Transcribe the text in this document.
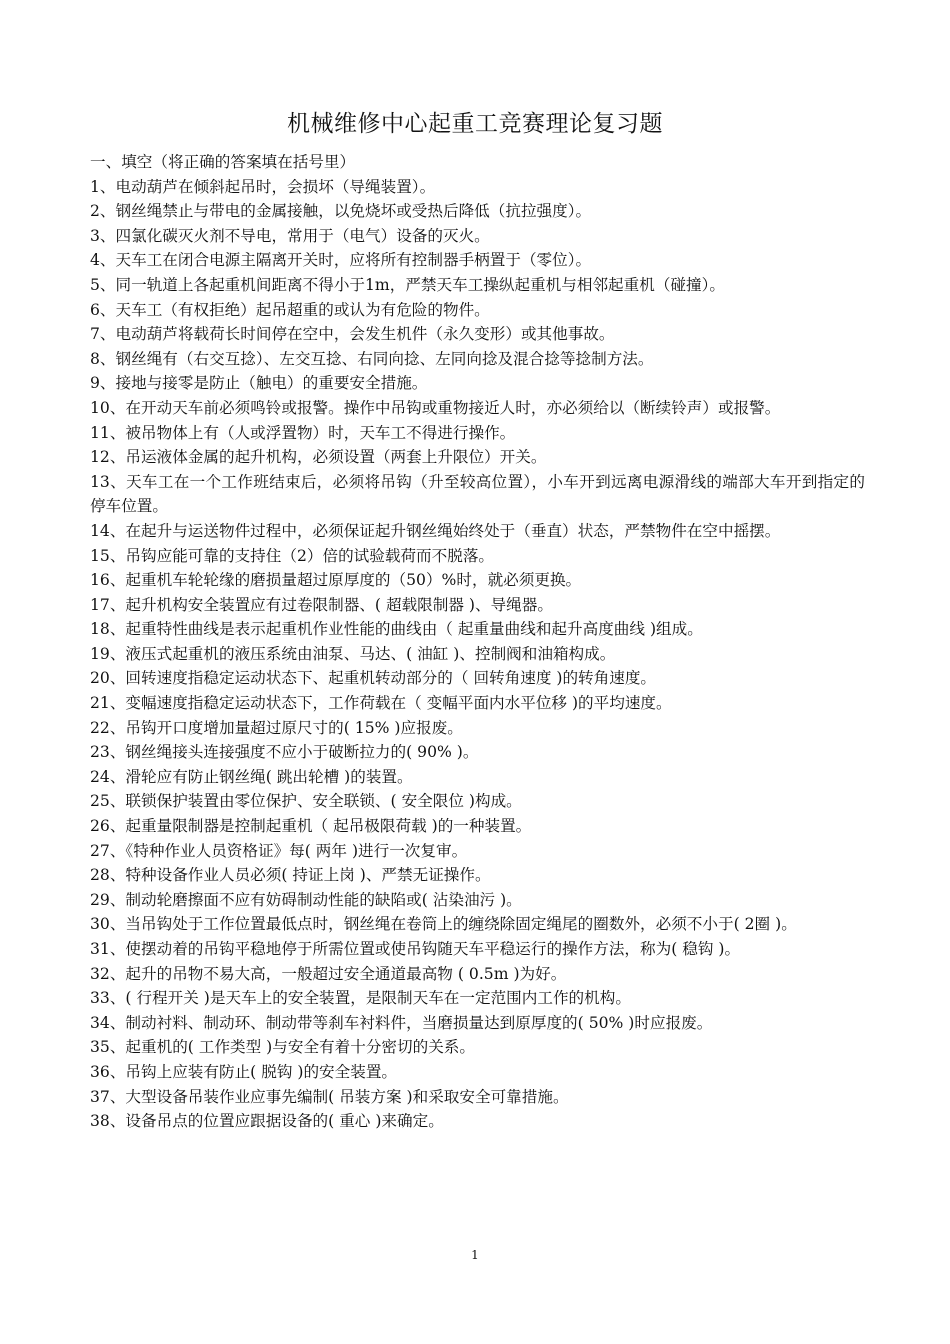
机械维修中心起重工竞赛理论复习题

一、填空（将正确的答案填在括号里）

1、电动葫芦在倾斜起吊时，会损坏（导绳装置）。

2、钢丝绳禁止与带电的金属接触，以免烧坏或受热后降低（抗拉强度）。

3、四氯化碳灭火剂不导电，常用于（电气）设备的灭火。

4、天车工在闭合电源主隔离开关时，应将所有控制器手柄置于（零位）。

5、同一轨道上各起重机间距离不得小于1m，严禁天车工操纵起重机与相邻起重机（碰撞）。

6、天车工（有权拒绝）起吊超重的或认为有危险的物件。

7、电动葫芦将载荷长时间停在空中，会发生机件（永久变形）或其他事故。

8、钢丝绳有（右交互捻）、左交互捻、右同向捻、左同向捻及混合捻等捻制方法。

9、接地与接零是防止（触电）的重要安全措施。

10、在开动天车前必须鸣铃或报警。操作中吊钩或重物接近人时，亦必须给以（断续铃声）或报警。

11、被吊物体上有（人或浮置物）时，天车工不得进行操作。

12、吊运液体金属的起升机构，必须设置（两套上升限位）开关。

13、天车工在一个工作班结束后，必须将吊钩（升至较高位置），小车开到远离电源滑线的端部大车开到指定的停车位置。

14、在起升与运送物件过程中，必须保证起升钢丝绳始终处于（垂直）状态，严禁物件在空中摇摆。

15、吊钩应能可靠的支持住（2）倍的试验载荷而不脱落。

16、起重机车轮轮缘的磨损量超过原厚度的（50）%时，就必须更换。

17、起升机构安全装置应有过卷限制器、( 超载限制器 )、导绳器。

18、起重特性曲线是表示起重机作业性能的曲线由（ 起重量曲线和起升高度曲线 )组成。

19、液压式起重机的液压系统由油泵、马达、( 油缸 )、控制阀和油箱构成。

20、回转速度指稳定运动状态下、起重机转动部分的（ 回转角速度 )的转角速度。

21、变幅速度指稳定运动状态下，工作荷载在（ 变幅平面内水平位移 )的平均速度。

22、吊钩开口度增加量超过原尺寸的( 15% )应报废。

23、钢丝绳接头连接强度不应小于破断拉力的( 90% )。

24、滑轮应有防止钢丝绳( 跳出轮槽 )的装置。

25、联锁保护装置由零位保护、安全联锁、( 安全限位 )构成。

26、起重量限制器是控制起重机（ 起吊极限荷载 )的一种装置。

27、《特种作业人员资格证》每( 两年 )进行一次复审。

28、特种设备作业人员必须( 持证上岗 )、严禁无证操作。

29、制动轮磨擦面不应有妨碍制动性能的缺陷或( 沾染油污 )。

30、当吊钩处于工作位置最低点时，钢丝绳在卷筒上的缠绕除固定绳尾的圈数外，必须不小于( 2圈 )。

31、使摆动着的吊钩平稳地停于所需位置或使吊钩随天车平稳运行的操作方法，称为( 稳钩 )。

32、起升的吊物不易大高，一般超过安全通道最高物 ( 0.5m )为好。

33、( 行程开关 )是天车上的安全装置，是限制天车在一定范围内工作的机构。

34、制动衬料、制动环、制动带等刹车衬料件，当磨损量达到原厚度的( 50% )时应报废。

35、起重机的( 工作类型 )与安全有着十分密切的关系。

36、吊钩上应装有防止( 脱钩 )的安全装置。

37、大型设备吊装作业应事先编制( 吊装方案 )和采取安全可靠措施。

38、设备吊点的位置应跟据设备的( 重心 )来确定。

1
